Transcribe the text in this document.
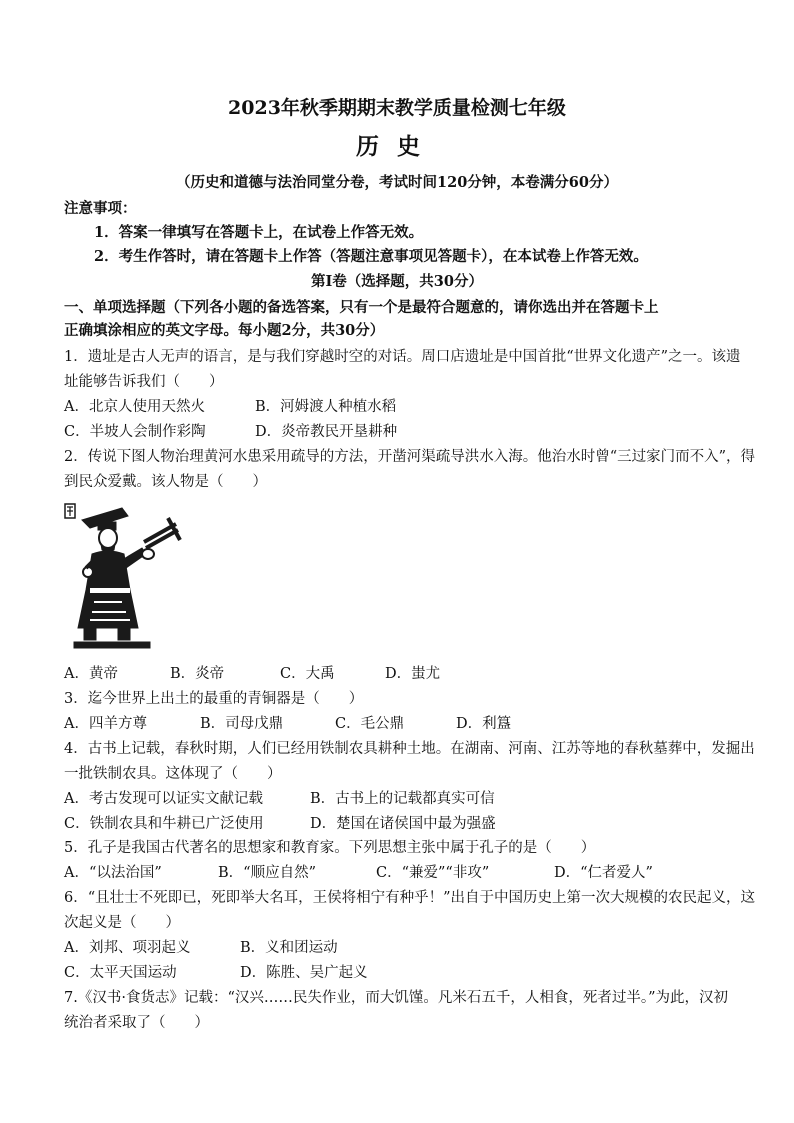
2023年秋季期期末教学质量检测七年级
历史
（历史和道德与法治同堂分卷，考试时间120分钟，本卷满分60分）
注意事项：
1．答案一律填写在答题卡上，在试卷上作答无效。
2．考生作答时，请在答题卡上作答（答题注意事项见答题卡），在本试卷上作答无效。
第Ⅰ卷（选择题，共30分）
一、单项选择题（下列各小题的备选答案，只有一个是最符合题意的，请你选出并在答题卡上
正确填涂相应的英文字母。每小题2分，共30分）
1．遗址是古人无声的语言，是与我们穿越时空的对话。周口店遗址是中国首批“世界文化遗产”之一。该遗
址能够告诉我们（　　）
A．北京人使用天然火	B．河姆渡人种植水稻
C．半坡人会制作彩陶	D．炎帝教民开垦耕种
2．传说下图人物治理黄河水患采用疏导的方法，开凿河渠疏导洪水入海。他治水时曾“三过家门而不入”，得
到民众爱戴。该人物是（　　）
A．黄帝	B．炎帝	C．大禹	D．蚩尤
3．迄今世界上出土的最重的青铜器是（　　）
A．四羊方尊	B．司母戊鼎	C．毛公鼎	D．利簋
4．古书上记载，春秋时期，人们已经用铁制农具耕种土地。在湖南、河南、江苏等地的春秋墓葬中，发掘出
一批铁制农具。这体现了（　　）
A．考古发现可以证实文献记载	B．古书上的记载都真实可信
C．铁制农具和牛耕已广泛使用	D．楚国在诸侯国中最为强盛
5．孔子是我国古代著名的思想家和教育家。下列思想主张中属于孔子的是（　　）
A．“以法治国”	B．“顺应自然”	C．“兼爱”“非攻”	D．“仁者爱人”
6．“且壮士不死即已，死即举大名耳，王侯将相宁有种乎！”出自于中国历史上第一次大规模的农民起义，这
次起义是（　　）
A．刘邦、项羽起义	B．义和团运动
C．太平天国运动	D．陈胜、吴广起义
7.《汉书·食货志》记载：“汉兴……民失作业，而大饥馑。凡米石五千，人相食，死者过半。”为此，汉初
统治者采取了（　　）
